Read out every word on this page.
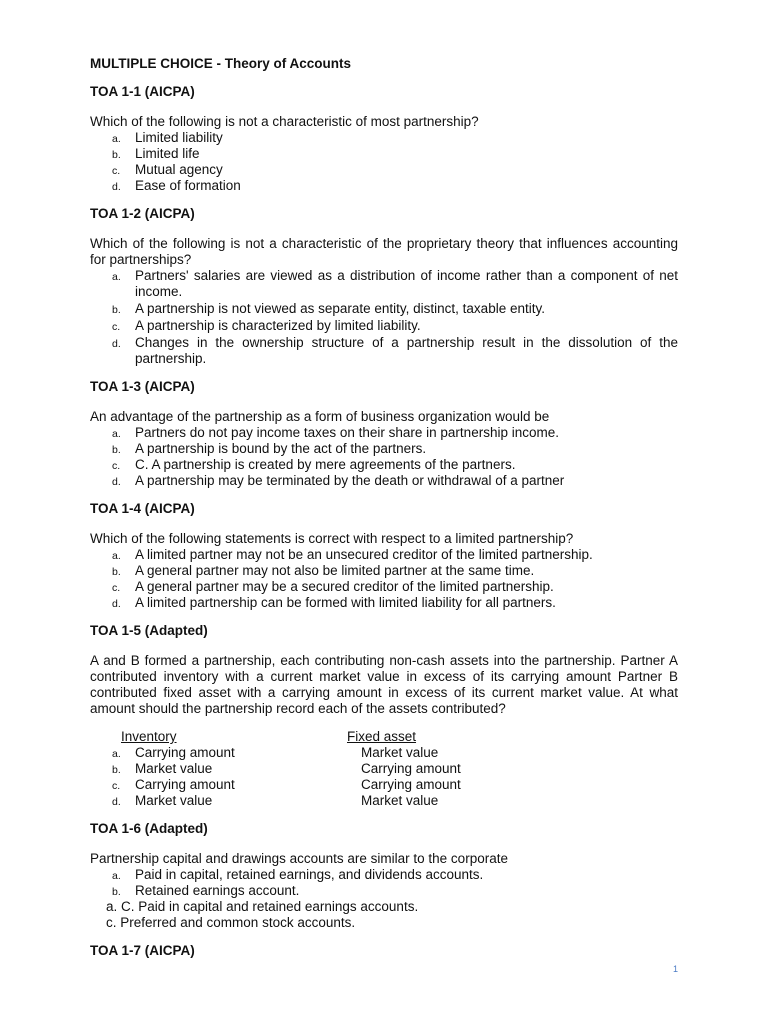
MULTIPLE CHOICE - Theory of Accounts
TOA 1-1 (AICPA)
Which of the following is not a characteristic of most partnership?
a. Limited liability
b. Limited life
c. Mutual agency
d. Ease of formation
TOA 1-2 (AICPA)
Which of the following is not a characteristic of the proprietary theory that influences accounting for partnerships?
a. Partners' salaries are viewed as a distribution of income rather than a component of net income.
b. A partnership is not viewed as separate entity, distinct, taxable entity.
c. A partnership is characterized by limited liability.
d. Changes in the ownership structure of a partnership result in the dissolution of the partnership.
TOA 1-3 (AICPA)
An advantage of the partnership as a form of business organization would be
a. Partners do not pay income taxes on their share in partnership income.
b. A partnership is bound by the act of the partners.
c. C. A partnership is created by mere agreements of the partners.
d. A partnership may be terminated by the death or withdrawal of a partner
TOA 1-4 (AICPA)
Which of the following statements is correct with respect to a limited partnership?
a. A limited partner may not be an unsecured creditor of the limited partnership.
b. A general partner may not also be limited partner at the same time.
c. A general partner may be a secured creditor of the limited partnership.
d. A limited partnership can be formed with limited liability for all partners.
TOA 1-5 (Adapted)
A and B formed a partnership, each contributing non-cash assets into the partnership. Partner A contributed inventory with a current market value in excess of its carrying amount Partner B contributed fixed asset with a carrying amount in excess of its current market value. At what amount should the partnership record each of the assets contributed?
Inventory	Fixed asset
a. Carrying amount	Market value
b. Market value	Carrying amount
c. Carrying amount	Carrying amount
d. Market value	Market value
TOA 1-6 (Adapted)
Partnership capital and drawings accounts are similar to the corporate
a. Paid in capital, retained earnings, and dividends accounts.
b. Retained earnings account.
a. C. Paid in capital and retained earnings accounts.
c. Preferred and common stock accounts.
TOA 1-7 (AICPA)
1
